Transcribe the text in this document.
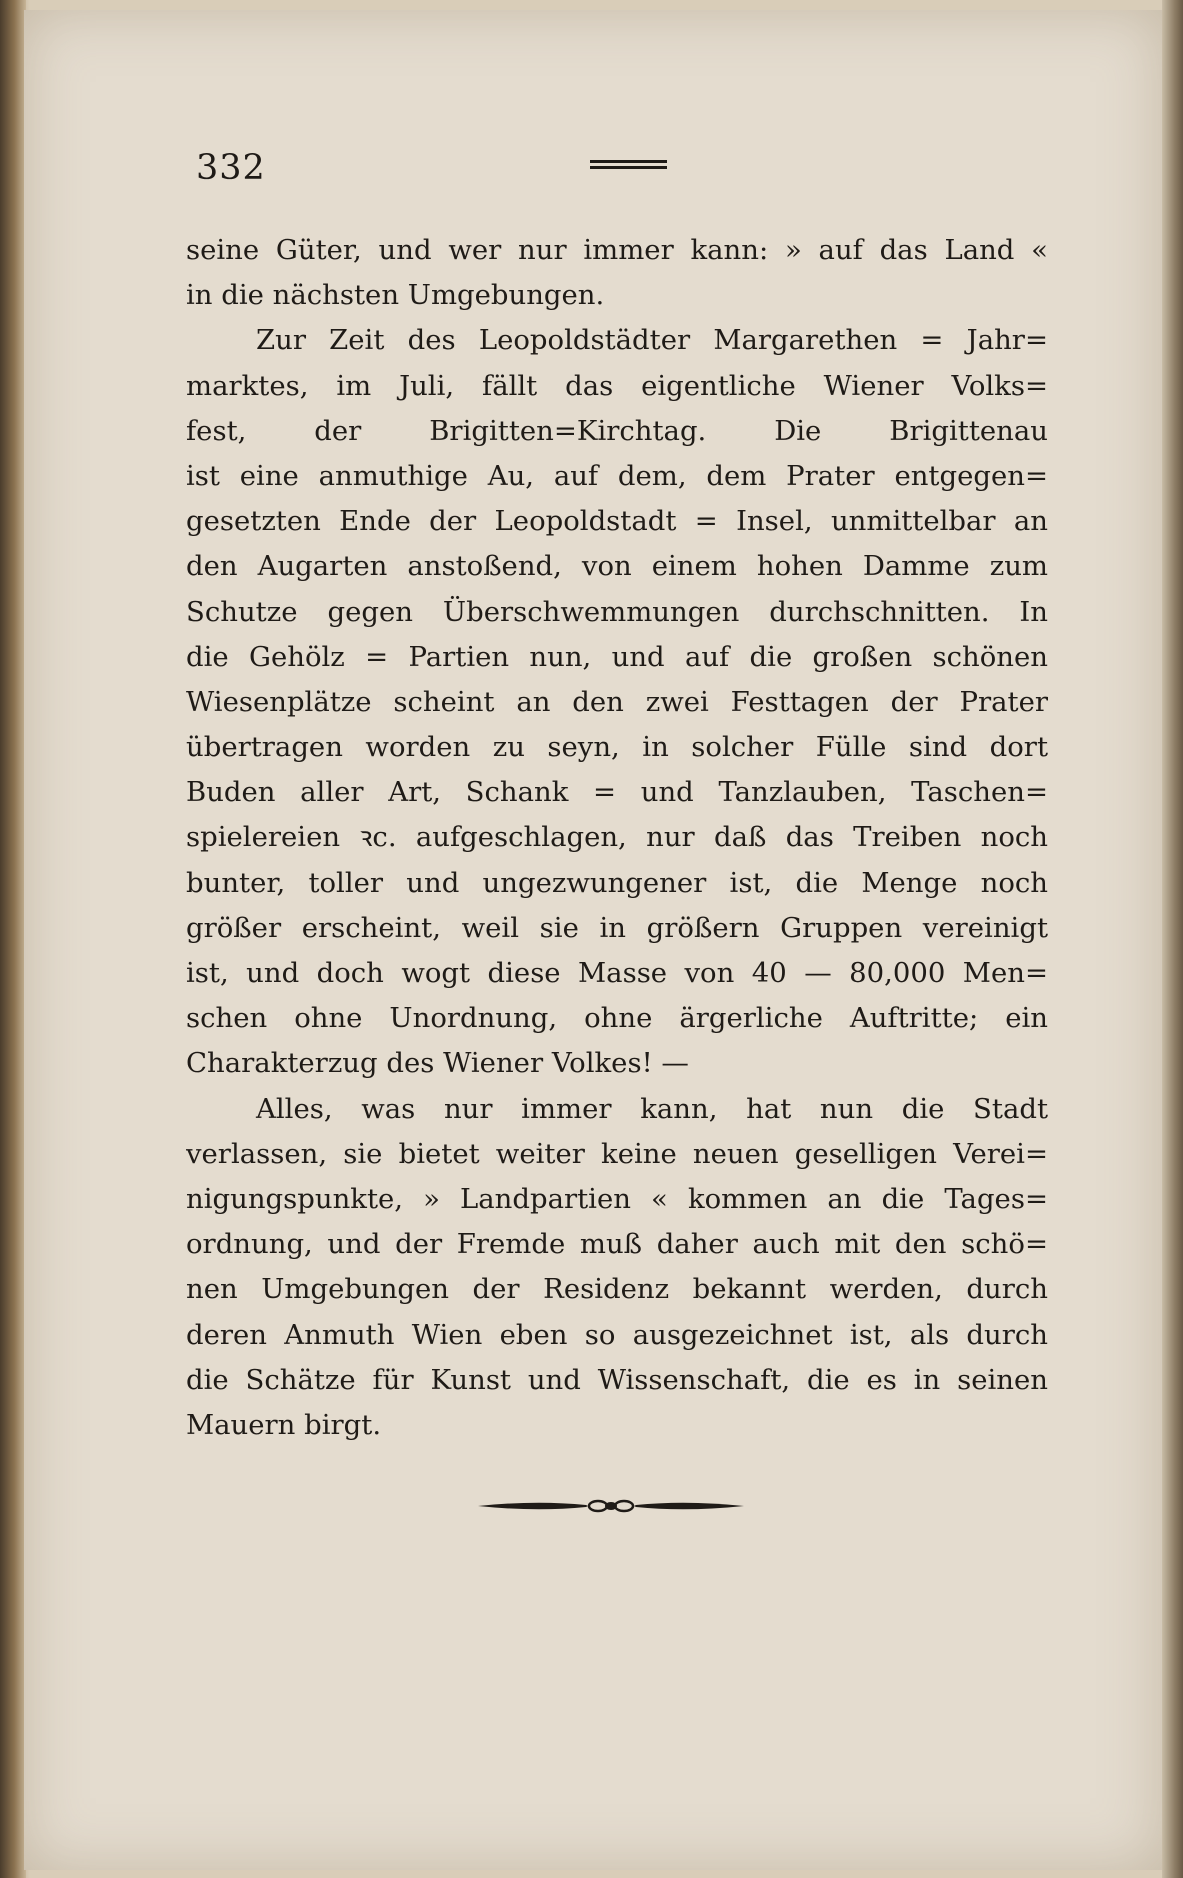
332
seine Güter, und wer nur immer kann: » auf das Land «
in die nächsten Umgebungen.
Zur Zeit des Leopoldstädter Margarethen = Jahr=
marktes, im Juli, fällt das eigentliche Wiener Volks=
fest, der Brigitten=Kirchtag. Die Brigittenau
ist eine anmuthige Au, auf dem, dem Prater entgegen=
gesetzten Ende der Leopoldstadt = Insel, unmittelbar an
den Augarten anstoßend, von einem hohen Damme zum
Schutze gegen Überschwemmungen durchschnitten. In
die Gehölz = Partien nun, und auf die großen schönen
Wiesenplätze scheint an den zwei Festtagen der Prater
übertragen worden zu seyn, in solcher Fülle sind dort
Buden aller Art, Schank = und Tanzlauben, Taschen=
spielereien ꝛc. aufgeschlagen, nur daß das Treiben noch
bunter, toller und ungezwungener ist, die Menge noch
größer erscheint, weil sie in größern Gruppen vereinigt
ist, und doch wogt diese Masse von 40 — 80,000 Men=
schen ohne Unordnung, ohne ärgerliche Auftritte; ein
Charakterzug des Wiener Volkes! —
Alles, was nur immer kann, hat nun die Stadt
verlassen, sie bietet weiter keine neuen geselligen Verei=
nigungspunkte, » Landpartien « kommen an die Tages=
ordnung, und der Fremde muß daher auch mit den schö=
nen Umgebungen der Residenz bekannt werden, durch
deren Anmuth Wien eben so ausgezeichnet ist, als durch
die Schätze für Kunst und Wissenschaft, die es in seinen
Mauern birgt.
